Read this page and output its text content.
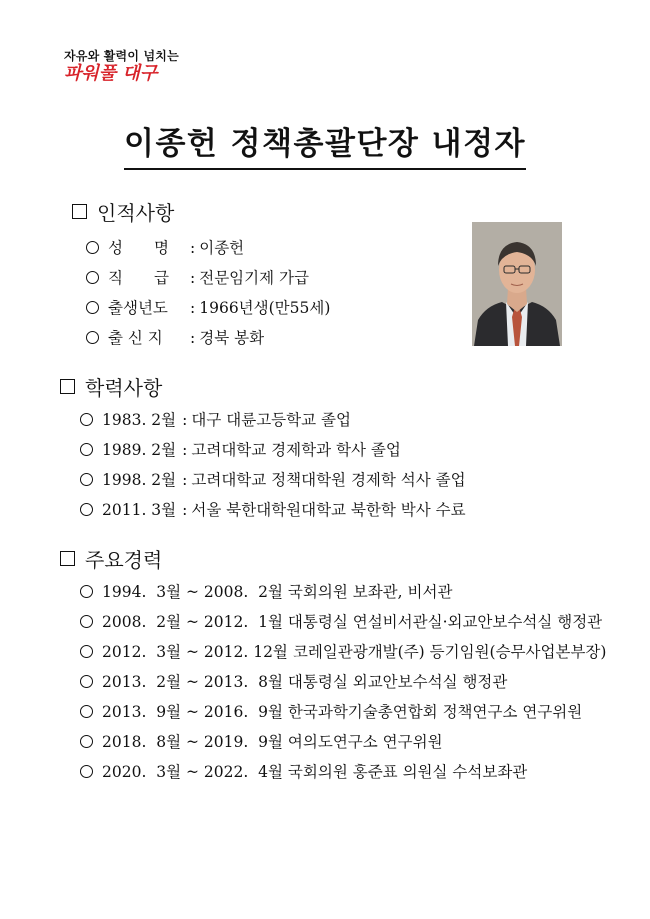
자유와 활력이 넘치는
파워풀 대구
이종헌 정책총괄단장 내정자
인적사항
성　　명 : 이종헌
직　　급 : 전문임기제 가급
출생년도 : 1966년생(만55세)
출 신 지 : 경북 봉화
학력사항
1983. 2월 : 대구 대륜고등학교 졸업
1989. 2월 : 고려대학교 경제학과 학사 졸업
1998. 2월 : 고려대학교 정책대학원 경제학 석사 졸업
2011. 3월 : 서울 북한대학원대학교 북한학 박사 수료
주요경력
1994.  3월 ~ 2008.  2월 국회의원 보좌관, 비서관
2008.  2월 ~ 2012.  1월 대통령실 연설비서관실·외교안보수석실 행정관
2012.  3월 ~ 2012. 12월 코레일관광개발(주) 등기임원(승무사업본부장)
2013.  2월 ~ 2013.  8월 대통령실 외교안보수석실 행정관
2013.  9월 ~ 2016.  9월 한국과학기술총연합회 정책연구소 연구위원
2018.  8월 ~ 2019.  9월 여의도연구소 연구위원
2020.  3월 ~ 2022.  4월 국회의원 홍준표 의원실 수석보좌관
